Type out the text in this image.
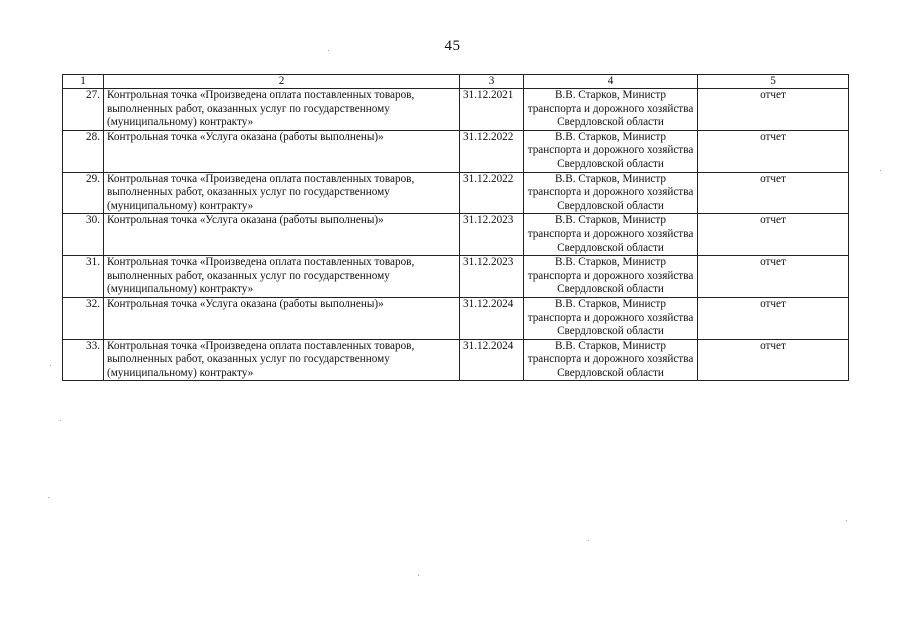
45
1	2	3	4	5
27.	Контрольная точка «Произведена оплата поставленных товаров, выполненных работ, оказанных услуг по государственному (муниципальному) контракту»	31.12.2021	В.В. Старков, Министр транспорта и дорожного хозяйства Свердловской области	отчет
28.	Контрольная точка «Услуга оказана (работы выполнены)»	31.12.2022	В.В. Старков, Министр транспорта и дорожного хозяйства Свердловской области	отчет
29.	Контрольная точка «Произведена оплата поставленных товаров, выполненных работ, оказанных услуг по государственному (муниципальному) контракту»	31.12.2022	В.В. Старков, Министр транспорта и дорожного хозяйства Свердловской области	отчет
30.	Контрольная точка «Услуга оказана (работы выполнены)»	31.12.2023	В.В. Старков, Министр транспорта и дорожного хозяйства Свердловской области	отчет
31.	Контрольная точка «Произведена оплата поставленных товаров, выполненных работ, оказанных услуг по государственному (муниципальному) контракту»	31.12.2023	В.В. Старков, Министр транспорта и дорожного хозяйства Свердловской области	отчет
32.	Контрольная точка «Услуга оказана (работы выполнены)»	31.12.2024	В.В. Старков, Министр транспорта и дорожного хозяйства Свердловской области	отчет
33.	Контрольная точка «Произведена оплата поставленных товаров, выполненных работ, оказанных услуг по государственному (муниципальному) контракту»	31.12.2024	В.В. Старков, Министр транспорта и дорожного хозяйства Свердловской области	отчет
